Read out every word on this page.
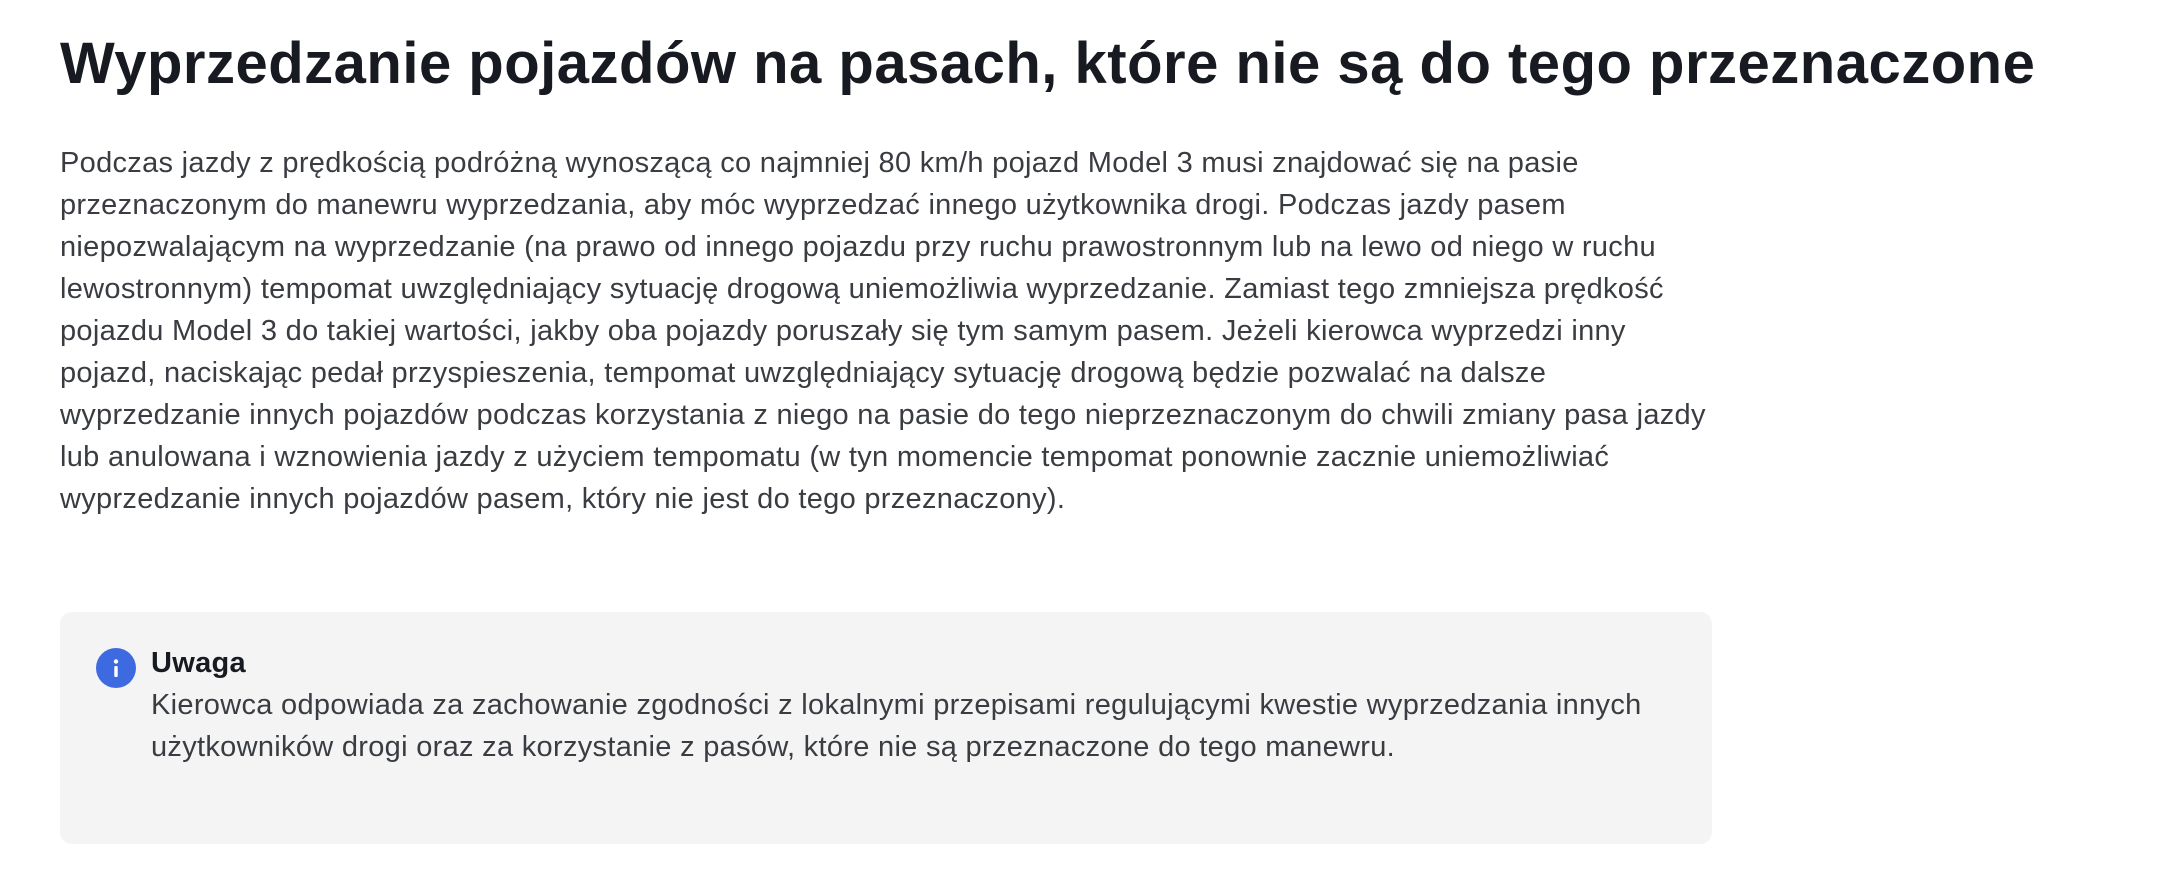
Wyprzedzanie pojazdów na pasach, które nie są do tego przeznaczone

Podczas jazdy z prędkością podróżną wynoszącą co najmniej 80 km/h pojazd Model 3 musi znajdować się na pasie przeznaczonym do manewru wyprzedzania, aby móc wyprzedzać innego użytkownika drogi. Podczas jazdy pasem niepozwalającym na wyprzedzanie (na prawo od innego pojazdu przy ruchu prawostronnym lub na lewo od niego w ruchu lewostronnym) tempomat uwzględniający sytuację drogową uniemożliwia wyprzedzanie. Zamiast tego zmniejsza prędkość pojazdu Model 3 do takiej wartości, jakby oba pojazdy poruszały się tym samym pasem. Jeżeli kierowca wyprzedzi inny pojazd, naciskając pedał przyspieszenia, tempomat uwzględniający sytuację drogową będzie pozwalać na dalsze wyprzedzanie innych pojazdów podczas korzystania z niego na pasie do tego nieprzeznaczonym do chwili zmiany pasa jazdy lub anulowana i wznowienia jazdy z użyciem tempomatu (w tyn momencie tempomat ponownie zacznie uniemożliwiać wyprzedzanie innych pojazdów pasem, który nie jest do tego przeznaczony).

Uwaga

Kierowca odpowiada za zachowanie zgodności z lokalnymi przepisami regulującymi kwestie wyprzedzania innych użytkowników drogi oraz za korzystanie z pasów, które nie są przeznaczone do tego manewru.
